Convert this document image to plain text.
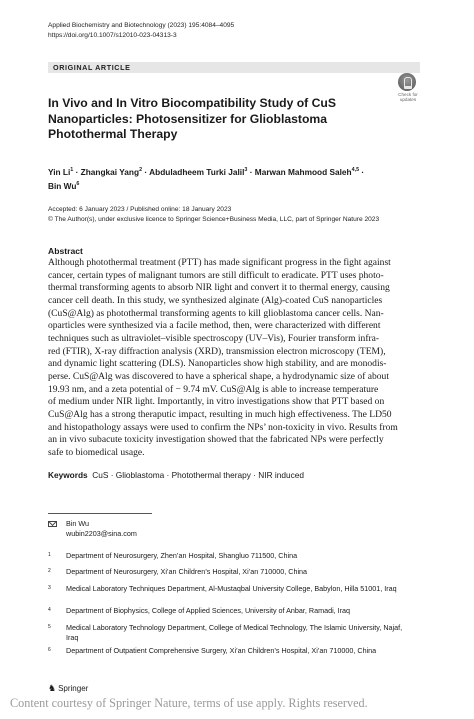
Applied Biochemistry and Biotechnology (2023) 195:4084–4095
https://doi.org/10.1007/s12010-023-04313-3
ORIGINAL ARTICLE
Check for
updates
In Vivo and In Vitro Biocompatibility Study of CuS Nanoparticles: Photosensitizer for Glioblastoma Photothermal Therapy
Yin $Li^1$ · Zhangkai Yang$^2$ · Abduladheem Turki Jalil$^3$ · Marwan Mahmood Saleh$^{4,5}$ ·
Bin Wu$^6$
Accepted: 6 January 2023 / Published online: 18 January 2023
© The Author(s), under exclusive licence to Springer Science+Business Media, LLC, part of Springer Nature 2023
Abstract
Although photothermal treatment (PTT) has made significant progress in the fight against
cancer, certain types of malignant tumors are still difficult to eradicate. PTT uses photo-
thermal transforming agents to absorb NIR light and convert it to thermal energy, causing
cancer cell death. In this study, we synthesized alginate (Alg)-coated CuS nanoparticles
(CuS@Alg) as photothermal transforming agents to kill glioblastoma cancer cells. Nan-
oparticles were synthesized via a facile method, then, were characterized with different
techniques such as ultraviolet–visible spectroscopy (UV–Vis), Fourier transform infra-
red (FTIR), X-ray diffraction analysis (XRD), transmission electron microscopy (TEM),
and dynamic light scattering (DLS). Nanoparticles show high stability, and are monodis-
perse. CuS@Alg was discovered to have a spherical shape, a hydrodynamic size of about
19.93 nm, and a zeta potential of − 9.74 mV. CuS@Alg is able to increase temperature
of medium under NIR light. Importantly, in vitro investigations show that PTT based on
CuS@Alg has a strong theraputic impact, resulting in much high effectiveness. The LD50
and histopathology assays were used to confirm the NPs’ non-toxicity in vivo. Results from
an in vivo subacute toxicity investigation showed that the fabricated NPs were perfectly
safe to biomedical usage.
Keywords CuS · Glioblastoma · Photothermal therapy · NIR induced
Bin Wu
wubin2203@sina.com
1 Department of Neurosurgery, Zhen’an Hospital, Shangluo 711500, China
2 Department of Neurosurgery, Xi’an Children’s Hospital, Xi’an 710000, China
3 Medical Laboratory Techniques Department, Al-Mustaqbal University College, Babylon, Hilla 51001, Iraq
4 Department of Biophysics, College of Applied Sciences, University of Anbar, Ramadi, Iraq
5 Medical Laboratory Technology Department, College of Medical Technology, The Islamic University, Najaf, Iraq
6 Department of Outpatient Comprehensive Surgery, Xi’an Children’s Hospital, Xi’an 710000, China
♞ Springer
Content courtesy of Springer Nature, terms of use apply. Rights reserved.
